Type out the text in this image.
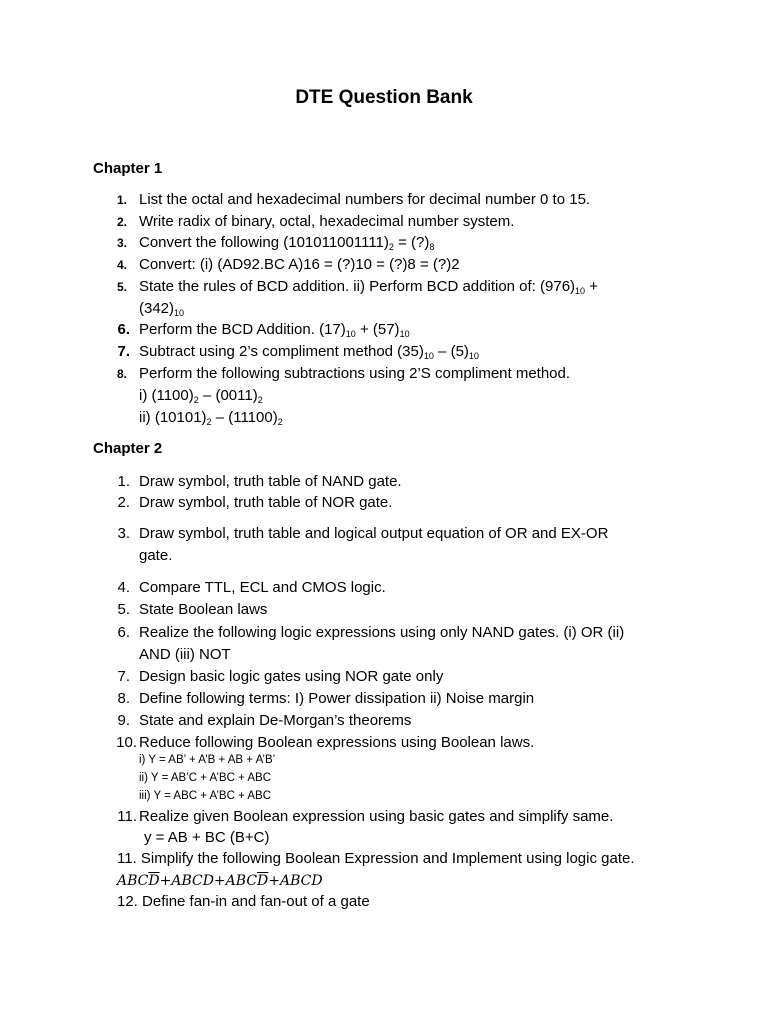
DTE Question Bank
Chapter 1
1. List the octal and hexadecimal numbers for decimal number 0 to 15.
2. Write radix of binary, octal, hexadecimal number system.
3. Convert the following $(101011001111)_2$ = $(?)_8$
4. Convert: (i) (AD92.BC A)16 = (?)10 = (?)8 = (?)2
5. State the rules of BCD addition. ii) Perform BCD addition of: $(976)_{10}$ +
$(342)_{10}$
6. Perform the BCD Addition. $(17)_{10} + (57)_{10}$
7. Subtract using 2’s compliment method $(35)_{10} - (5)_{10}$
8. Perform the following subtractions using 2’S compliment method.
i) $(1100)_2 - (0011)_2$
ii) $(10101)_2 - (11100)_2$
Chapter 2
1. Draw symbol, truth table of NAND gate.
2. Draw symbol, truth table of NOR gate.
3. Draw symbol, truth table and logical output equation of OR and EX-OR
gate.
4. Compare TTL, ECL and CMOS logic.
5. State Boolean laws
6. Realize the following logic expressions using only NAND gates. (i) OR (ii)
AND (iii) NOT
7. Design basic logic gates using NOR gate only
8. Define following terms: I) Power dissipation ii) Noise margin
9. State and explain De-Morgan’s theorems
10. Reduce following Boolean expressions using Boolean laws.
i) Y = AB’ + A’B + AB + A’B’
ii) Y = AB’C + A’BC + ABC
iii) Y = ABC + A’BC + ABC
11. Realize given Boolean expression using basic gates and simplify same.
y = AB + BC (B+C)
11. Simplify the following Boolean Expression and Implement using logic gate.
$ABC\overline{D}+ABCD+ABC\overline{D}+ABCD$
12. Define fan-in and fan-out of a gate
